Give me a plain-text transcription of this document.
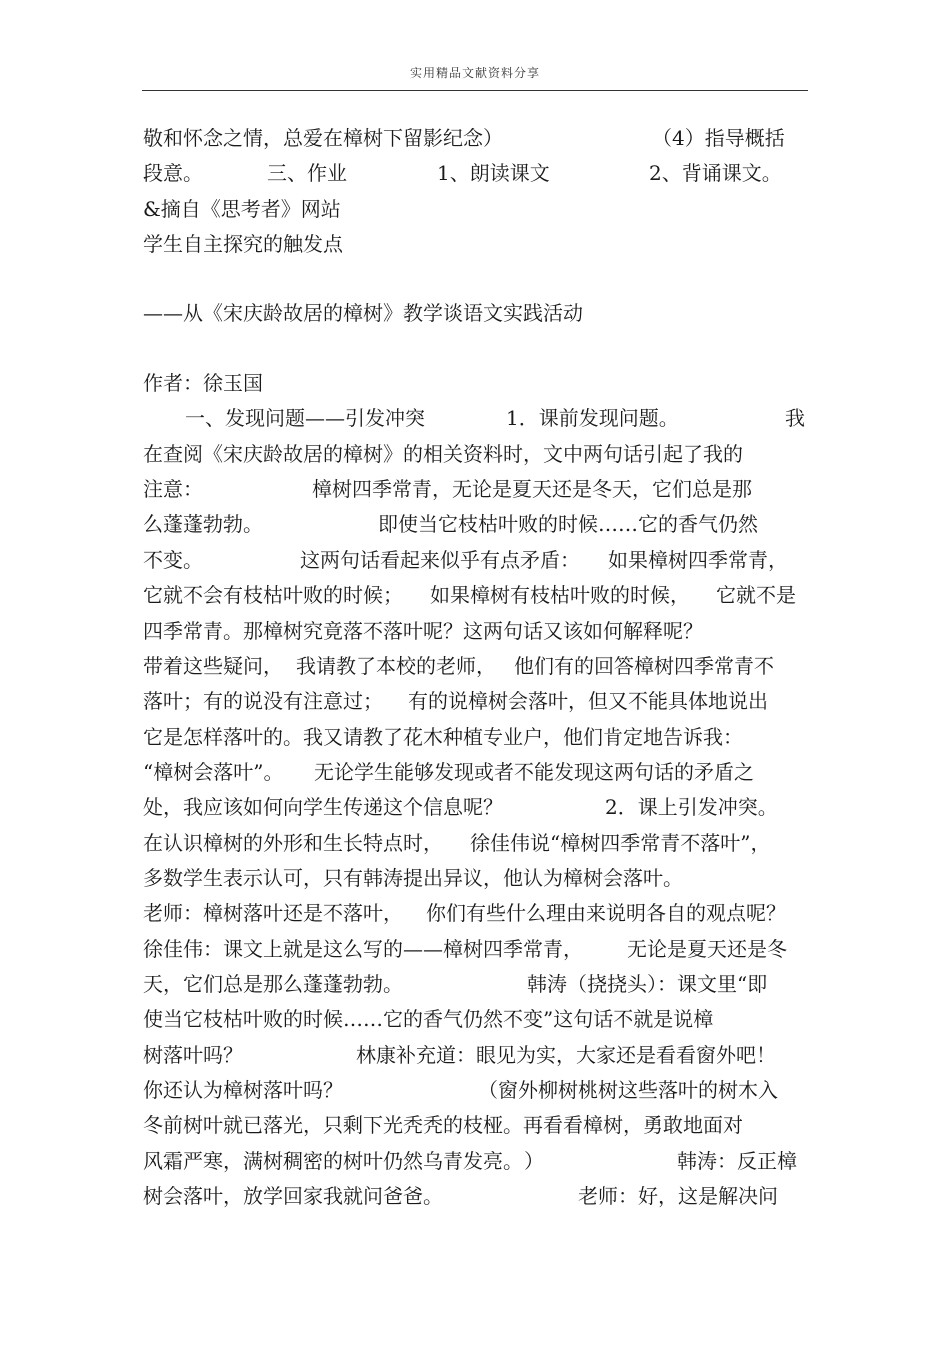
实用精品文献资料分享
敬和怀念之情，总爱在樟树下留影纪念）	（4）指导概括
段意。	三、作业	1、朗读课文	2、背诵课文。
&摘自《思考者》网站
学生自主探究的触发点
——从《宋庆龄故居的樟树》教学谈语文实践活动
作者：徐玉国
一、发现问题——引发冲突	1．课前发现问题。	我
在查阅《宋庆龄故居的樟树》的相关资料时，文中两句话引起了我的
注意：	樟树四季常青，无论是夏天还是冬天，它们总是那
么蓬蓬勃勃。	即使当它枝枯叶败的时候……它的香气仍然
不变。	这两句话看起来似乎有点矛盾： 如果樟树四季常青，
它就不会有枝枯叶败的时候； 如果樟树有枝枯叶败的时候， 它就不是
四季常青。那樟树究竟落不落叶呢？这两句话又该如何解释呢？
带着这些疑问， 我请教了本校的老师， 他们有的回答樟树四季常青不
落叶；有的说没有注意过； 有的说樟树会落叶，但又不能具体地说出
它是怎样落叶的。我又请教了花木种植专业户，他们肯定地告诉我：
“樟树会落叶”。 无论学生能够发现或者不能发现这两句话的矛盾之
处，我应该如何向学生传递这个信息呢？	2．课上引发冲突。
在认识樟树的外形和生长特点时， 徐佳伟说“樟树四季常青不落叶”，
多数学生表示认可，只有韩涛提出异议，他认为樟树会落叶。
老师：樟树落叶还是不落叶， 你们有些什么理由来说明各自的观点呢？
徐佳伟：课文上就是这么写的——樟树四季常青， 无论是夏天还是冬
天，它们总是那么蓬蓬勃勃。	韩涛（挠挠头）：课文里“即
使当它枝枯叶败的时候……它的香气仍然不变”这句话不就是说樟
树落叶吗？	林康补充道：眼见为实，大家还是看看窗外吧！
你还认为樟树落叶吗？	（窗外柳树桃树这些落叶的树木入
冬前树叶就已落光，只剩下光秃秃的枝桠。再看看樟树，勇敢地面对
风霜严寒，满树稠密的树叶仍然乌青发亮。 ）	韩涛：反正樟
树会落叶，放学回家我就问爸爸。	老师：好，这是解决问
